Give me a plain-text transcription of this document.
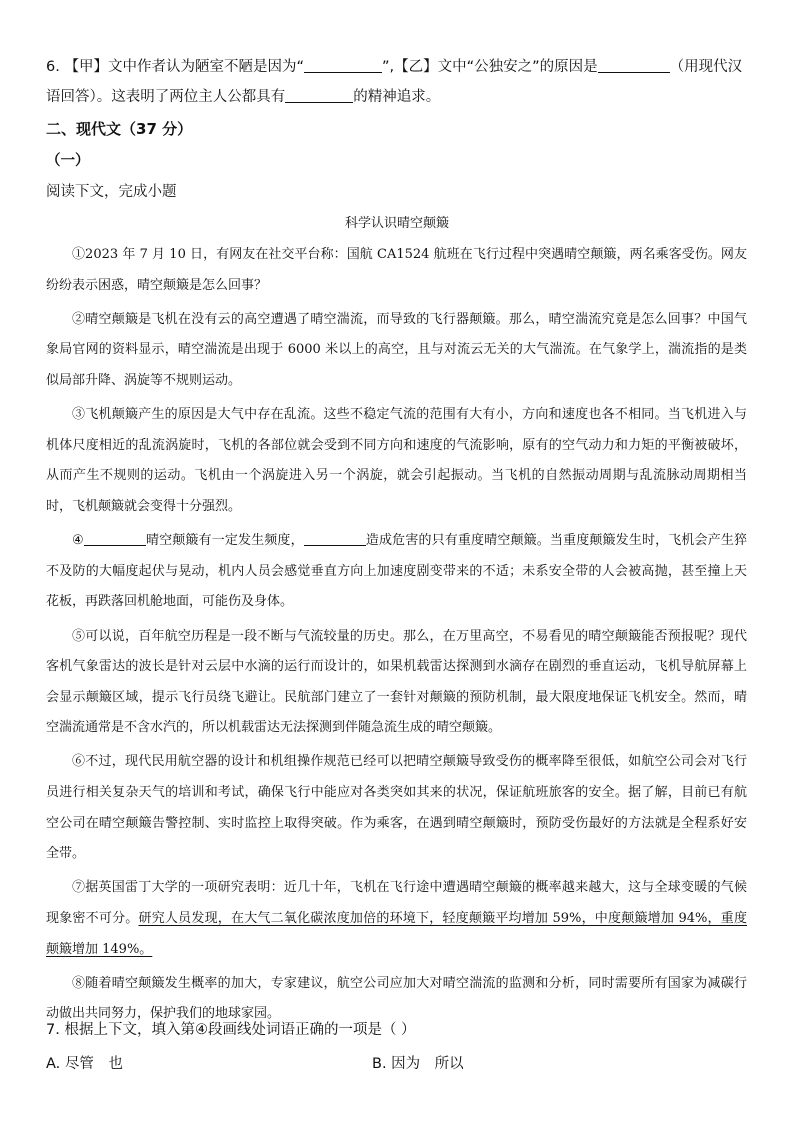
6. 【甲】文中作者认为陋室不陋是因为“	”,【乙】文中“公独安之”的原因是	（用现代汉语回答）。这表明了两位主人公都具有	的精神追求。
二、现代文（37 分）
（一）
阅读下文，完成小题
科学认识晴空颠簸

①2023 年 7 月 10 日，有网友在社交平台称：国航 CA1524 航班在飞行过程中突遇晴空颠簸，两名乘客受伤。网友纷纷表示困惑，晴空颠簸是怎么回事？

②晴空颠簸是飞机在没有云的高空遭遇了晴空湍流，而导致的飞行器颠簸。那么，晴空湍流究竟是怎么回事？中国气象局官网的资料显示，晴空湍流是出现于 6000 米以上的高空，且与对流云无关的大气湍流。在气象学上，湍流指的是类似局部升降、涡旋等不规则运动。

③飞机颠簸产生的原因是大气中存在乱流。这些不稳定气流的范围有大有小，方向和速度也各不相同。当飞机进入与机体尺度相近的乱流涡旋时，飞机的各部位就会受到不同方向和速度的气流影响，原有的空气动力和力矩的平衡被破坏，从而产生不规则的运动。飞机由一个涡旋进入另一个涡旋，就会引起振动。当飞机的自然振动周期与乱流脉动周期相当时，飞机颠簸就会变得十分强烈。

④	晴空颠簸有一定发生频度，	造成危害的只有重度晴空颠簸。当重度颠簸发生时，飞机会产生猝不及防的大幅度起伏与晃动，机内人员会感觉垂直方向上加速度剧变带来的不适；未系安全带的人会被高抛，甚至撞上天花板，再跌落回机舱地面，可能伤及身体。

⑤可以说，百年航空历程是一段不断与气流较量的历史。那么，在万里高空，不易看见的晴空颠簸能否预报呢？现代客机气象雷达的波长是针对云层中水滴的运行而设计的，如果机载雷达探测到水滴存在剧烈的垂直运动，飞机导航屏幕上会显示颠簸区域，提示飞行员绕飞避让。民航部门建立了一套针对颠簸的预防机制，最大限度地保证飞机安全。然而，晴空湍流通常是不含水汽的，所以机载雷达无法探测到伴随急流生成的晴空颠簸。

⑥不过，现代民用航空器的设计和机组操作规范已经可以把晴空颠簸导致受伤的概率降至很低，如航空公司会对飞行员进行相关复杂天气的培训和考试，确保飞行中能应对各类突如其来的状况，保证航班旅客的安全。据了解，目前已有航空公司在晴空颠簸告警控制、实时监控上取得突破。作为乘客，在遇到晴空颠簸时，预防受伤最好的方法就是全程系好安全带。

⑦据英国雷丁大学的一项研究表明：近几十年，飞机在飞行途中遭遇晴空颠簸的概率越来越大，这与全球变暖的气候现象密不可分。研究人员发现，在大气二氧化碳浓度加倍的环境下，轻度颠簸平均增加 59%，中度颠簸增加 94%，重度颠簸增加 149%。

⑧随着晴空颠簸发生概率的加大，专家建议，航空公司应加大对晴空湍流的监测和分析，同时需要所有国家为减碳行动做出共同努力，保护我们的地球家园。

7. 根据上下文，填入第④段画线处词语正确的一项是（ ）
A. 尽管　也	B. 因为　所以
